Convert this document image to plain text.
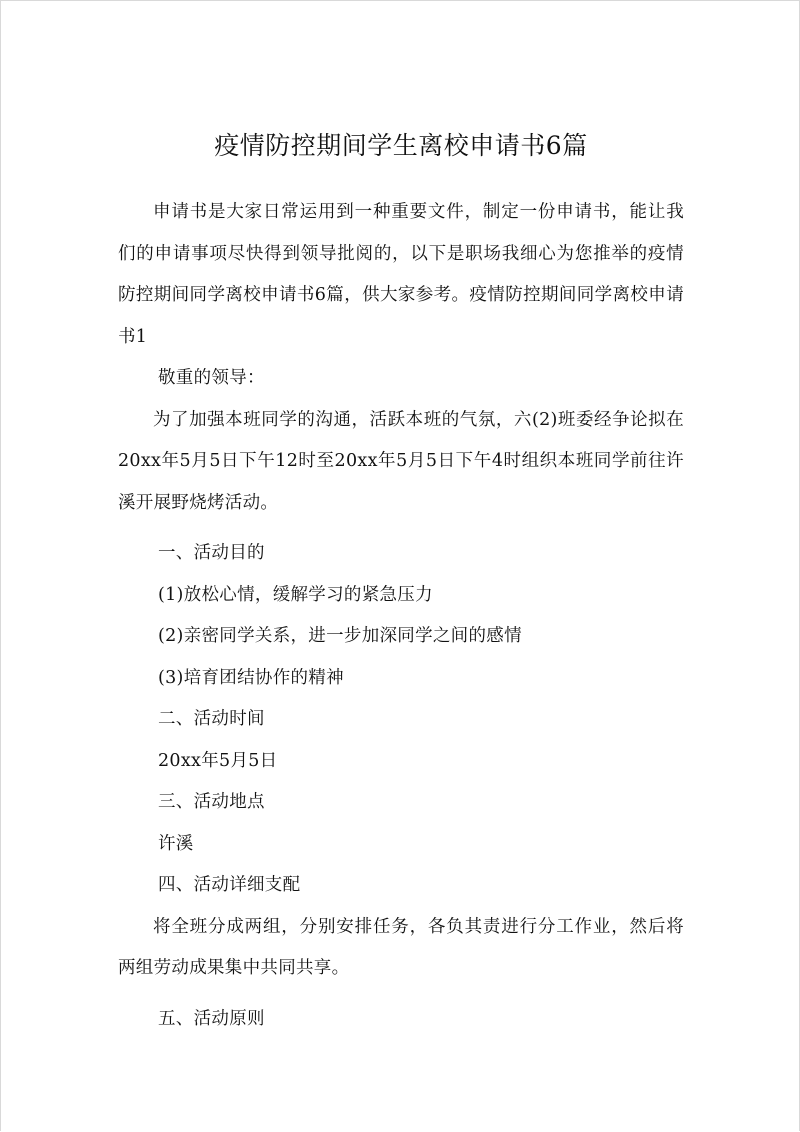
疫情防控期间学生离校申请书6篇

申请书是大家日常运用到一种重要文件，制定一份申请书，能让我们的申请事项尽快得到领导批阅的，以下是职场我细心为您推举的疫情防控期间同学离校申请书6篇，供大家参考。疫情防控期间同学离校申请书1

敬重的领导：

为了加强本班同学的沟通，活跃本班的气氛，六(2)班委经争论拟在20xx年5月5日下午12时至20xx年5月5日下午4时组织本班同学前往许溪开展野烧烤活动。

一、活动目的

(1)放松心情，缓解学习的紧急压力

(2)亲密同学关系，进一步加深同学之间的感情

(3)培育团结协作的精神

二、活动时间

20xx年5月5日

三、活动地点

许溪

四、活动详细支配

将全班分成两组，分别安排任务，各负其责进行分工作业，然后将两组劳动成果集中共同共享。

五、活动原则
